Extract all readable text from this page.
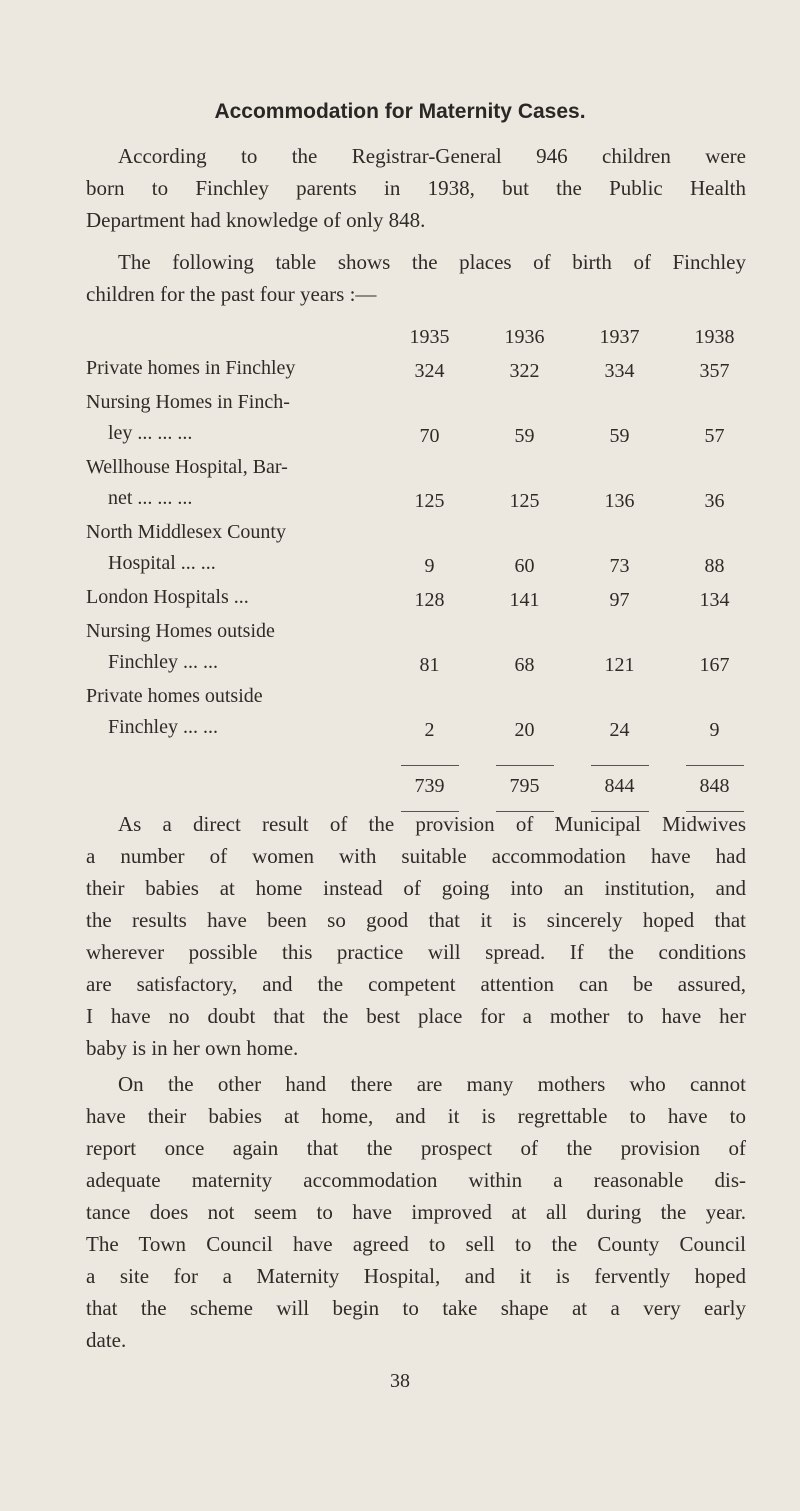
Accommodation for Maternity Cases.
According to the Registrar-General 946 children were
born to Finchley parents in 1938, but the Public Health
Department had knowledge of only 848.
The following table shows the places of birth of Finchley
children for the past four years :—
	1935	1936	1937	1938

Private homes in Finchley	324	322	334	357

Nursing Homes in Finch-
ley ... ... ...	70	59	59	57

Wellhouse Hospital, Bar-
net ... ... ...	125	125	136	36

North Middlesex County
Hospital ... ...	9	60	73	88

London Hospitals ...	128	141	97	134

Nursing Homes outside
Finchley ... ...	81	68	121	167

Private homes outside
Finchley ... ...	2	20	24	9

	739	795	844	848

As a direct result of the provision of Municipal Midwives
a number of women with suitable accommodation have had
their babies at home instead of going into an institution, and
the results have been so good that it is sincerely hoped that
wherever possible this practice will spread. If the conditions
are satisfactory, and the competent attention can be assured,
I have no doubt that the best place for a mother to have her
baby is in her own home.
On the other hand there are many mothers who cannot
have their babies at home, and it is regrettable to have to
report once again that the prospect of the provision of
adequate maternity accommodation within a reasonable dis-
tance does not seem to have improved at all during the year.
The Town Council have agreed to sell to the County Council
a site for a Maternity Hospital, and it is fervently hoped
that the scheme will begin to take shape at a very early
date.
38
